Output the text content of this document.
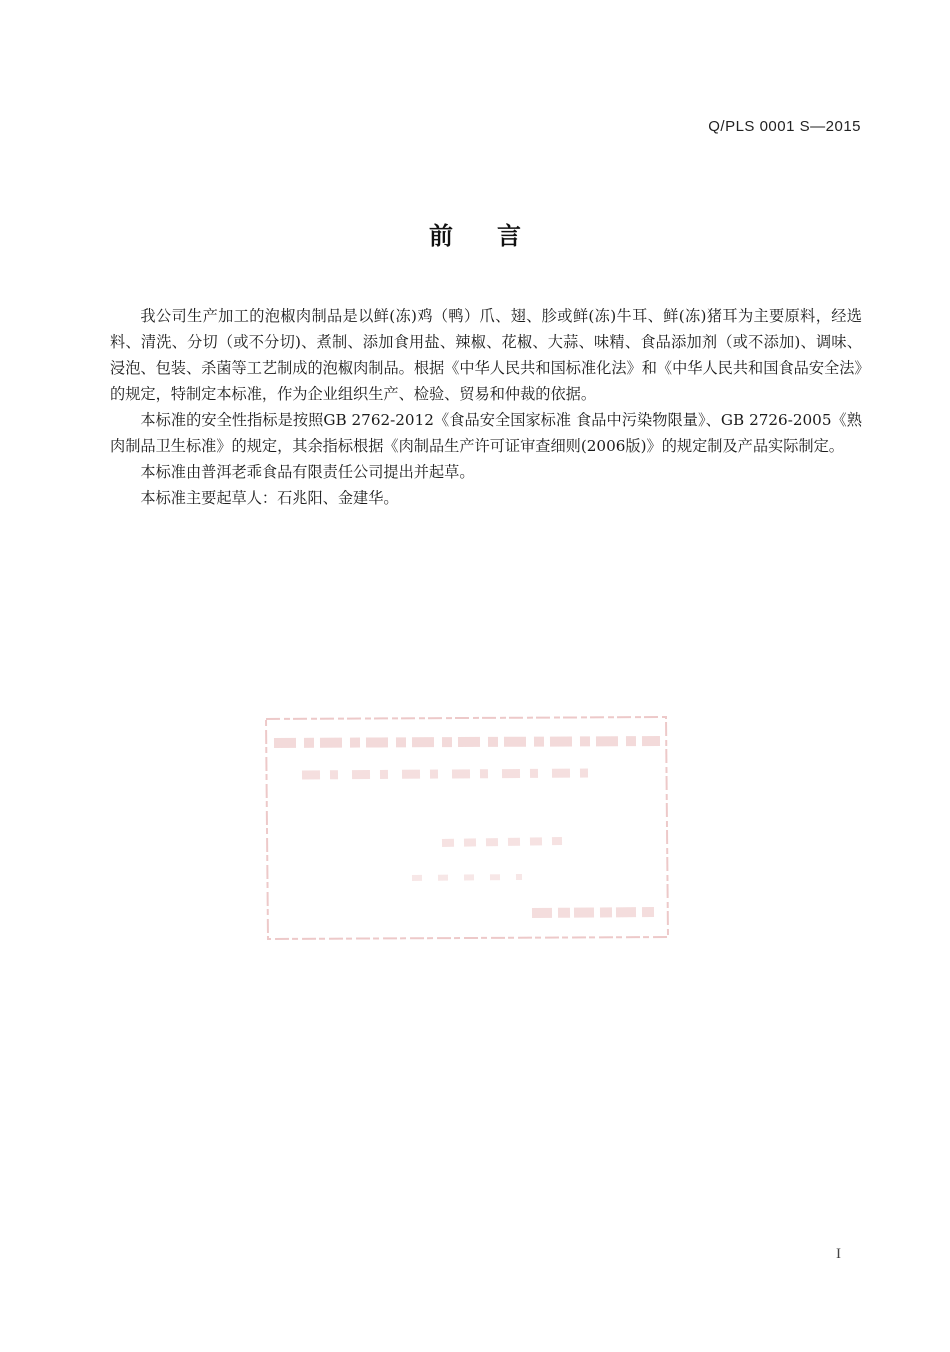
Q/PLS 0001 S—2015
前言

我公司生产加工的泡椒肉制品是以鲜(冻)鸡（鸭）爪、翅、胗或鲜(冻)牛耳、鲜(冻)猪耳为主要原料，经选料、清洗、分切（或不分切)、煮制、添加食用盐、辣椒、花椒、大蒜、味精、食品添加剂（或不添加)、调味、浸泡、包装、杀菌等工艺制成的泡椒肉制品。根据《中华人民共和国标准化法》和《中华人民共和国食品安全法》的规定，特制定本标准，作为企业组织生产、检验、贸易和仲裁的依据。

本标准的安全性指标是按照GB 2762-2012《食品安全国家标准 食品中污染物限量》、GB 2726-2005《熟肉制品卫生标准》的规定，其余指标根据《肉制品生产许可证审查细则(2006版)》的规定制及产品实际制定。

本标准由普洱老乖食品有限责任公司提出并起草。

本标准主要起草人：石兆阳、金建华。

I
